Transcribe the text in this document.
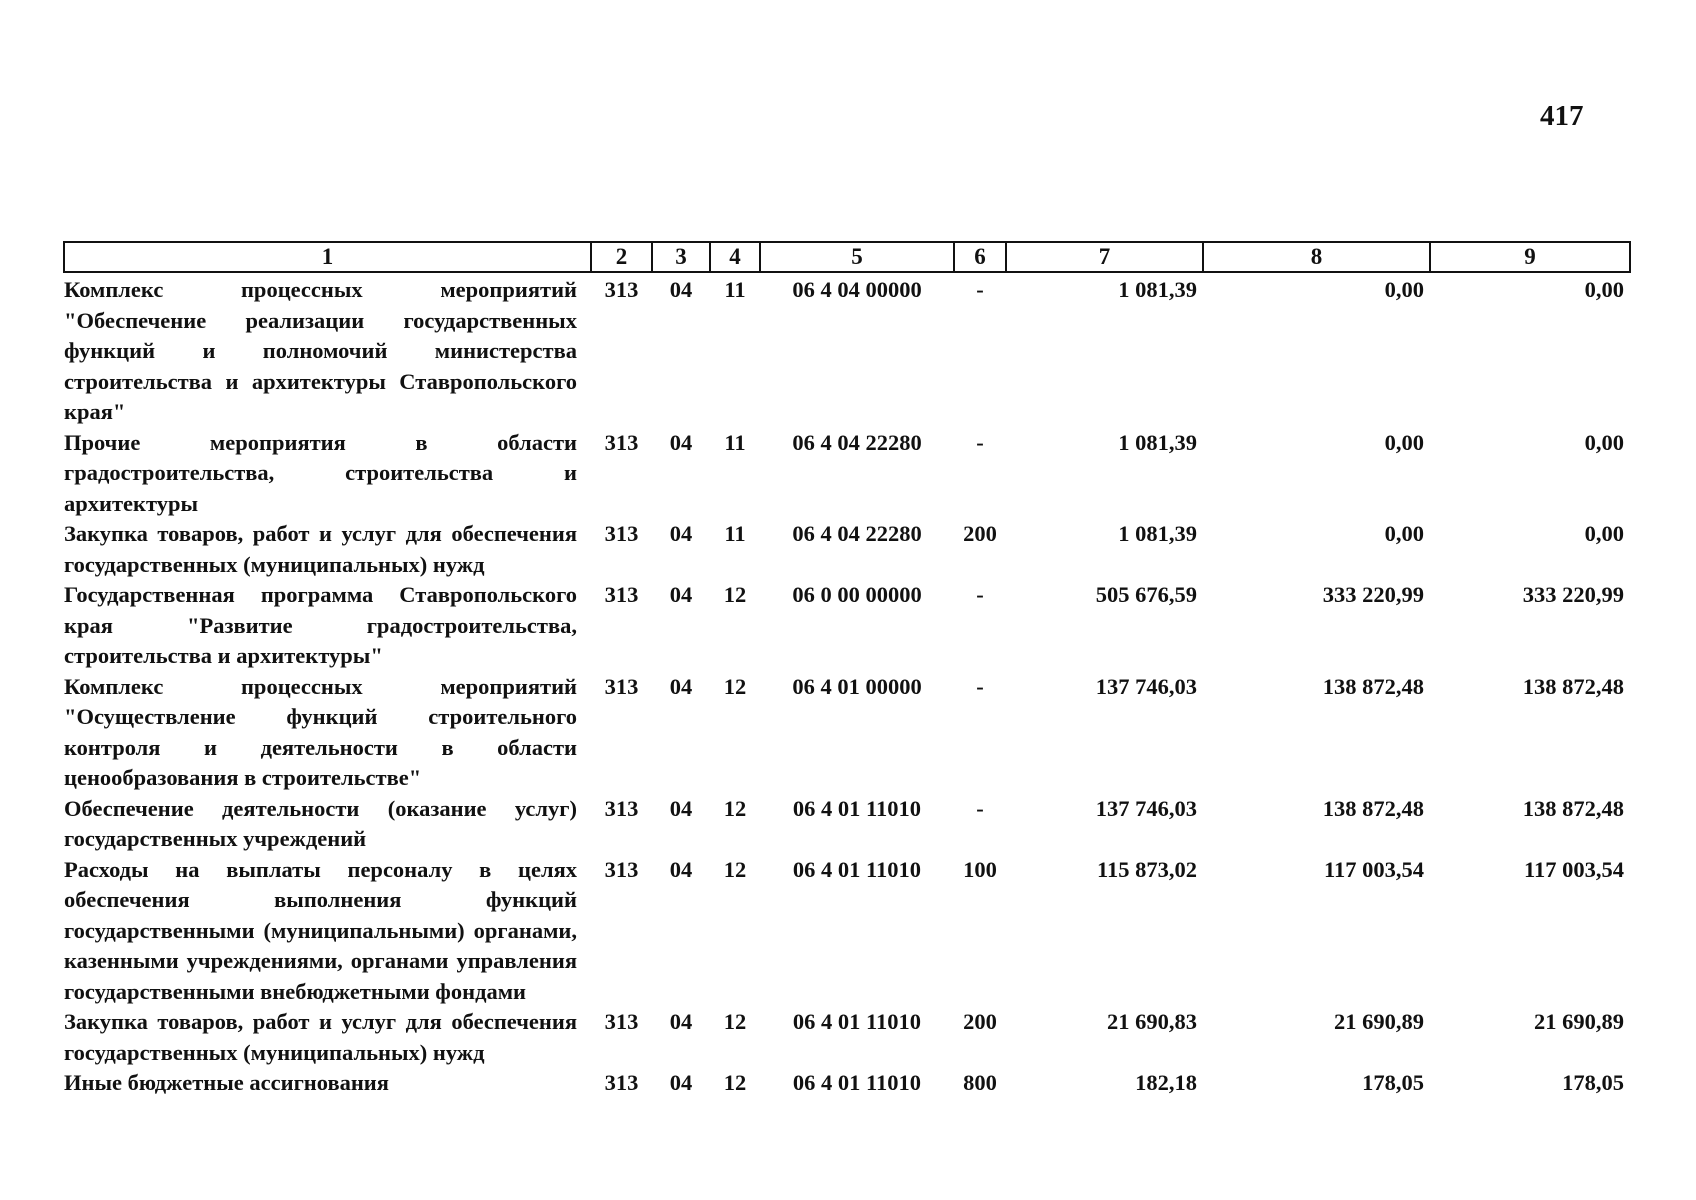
417
1	2	3	4	5	6	7	8	9
Комплекс процессных мероприятий "Обеспечение реализации государственных функций и полномочий министерства строительства и архитектуры Ставропольского края"	313	04	11	06 4 04 00000	-	1 081,39	0,00	0,00
Прочие мероприятия в области градостроительства, строительства и архитектуры	313	04	11	06 4 04 22280	-	1 081,39	0,00	0,00
Закупка товаров, работ и услуг для обеспечения государственных (муниципальных) нужд	313	04	11	06 4 04 22280	200	1 081,39	0,00	0,00
Государственная программа Ставропольского края "Развитие градостроительства, строительства и архитектуры"	313	04	12	06 0 00 00000	-	505 676,59	333 220,99	333 220,99
Комплекс процессных мероприятий "Осуществление функций строительного контроля и деятельности в области ценообразования в строительстве"	313	04	12	06 4 01 00000	-	137 746,03	138 872,48	138 872,48
Обеспечение деятельности (оказание услуг) государственных учреждений	313	04	12	06 4 01 11010	-	137 746,03	138 872,48	138 872,48
Расходы на выплаты персоналу в целях обеспечения выполнения функций государственными (муниципальными) органами, казенными учреждениями, органами управления государственными внебюджетными фондами	313	04	12	06 4 01 11010	100	115 873,02	117 003,54	117 003,54
Закупка товаров, работ и услуг для обеспечения государственных (муниципальных) нужд	313	04	12	06 4 01 11010	200	21 690,83	21 690,89	21 690,89
Иные бюджетные ассигнования	313	04	12	06 4 01 11010	800	182,18	178,05	178,05
